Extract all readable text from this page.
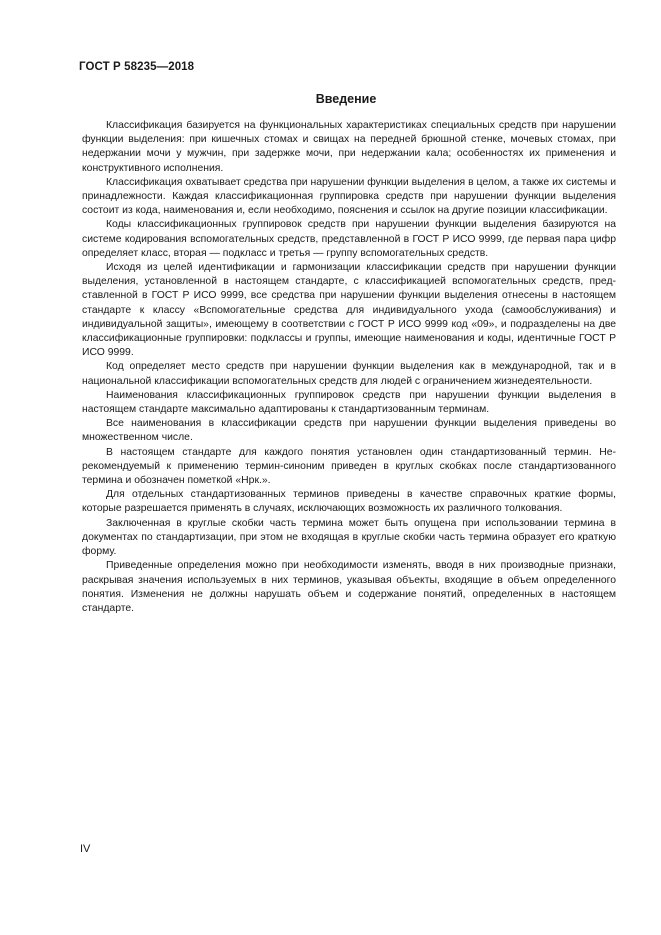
ГОСТ Р 58235—2018
Введение

Классификация базируется на функциональных характеристиках специальных средств при нарушении функции выделения: при кишечных стомах и свищах на передней брюшной стенке, мочевых стомах, при недержании мочи у мужчин, при задержке мочи, при недержании кала; особенностях их применения и конструктивного исполнения.

Классификация охватывает средства при нарушении функции выделения в целом, а также их системы и принадлежности. Каждая классификационная группировка средств при нарушении функции выделения состоит из кода, наименования и, если необходимо, пояснения и ссылок на другие позиции классификации.

Коды классификационных группировок средств при нарушении функции выделения базируются на системе кодирования вспомогательных средств, представленной в ГОСТ Р ИСО 9999, где первая пара цифр определяет класс, вторая — подкласс и третья — группу вспомогательных средств.

Исходя из целей идентификации и гармонизации классификации средств при нарушении функции выделения, установленной в настоящем стандарте, с классификацией вспомогательных средств, представленной в ГОСТ Р ИСО 9999, все средства при нарушении функции выделения отнесены в настоящем стандарте к классу «Вспомогательные средства для индивидуального ухода (самообслуживания) и индивидуальной защиты», имеющему в соответствии с ГОСТ Р ИСО 9999 код «09», и подразделены на две классификационные группировки: подклассы и группы, имеющие наименования и коды, идентичные ГОСТ Р ИСО 9999.

Код определяет место средств при нарушении функции выделения как в международной, так и в национальной классификации вспомогательных средств для людей с ограничением жизнедеятельности.

Наименования классификационных группировок средств при нарушении функции выделения в настоящем стандарте максимально адаптированы к стандартизованным терминам.

Все наименования в классификации средств при нарушении функции выделения приведены во множественном числе.

В настоящем стандарте для каждого понятия установлен один стандартизованный термин. Нерекомендуемый к применению термин-синоним приведен в круглых скобках после стандартизованного термина и обозначен пометкой «Нрк.».

Для отдельных стандартизованных терминов приведены в качестве справочных краткие формы, которые разрешается применять в случаях, исключающих возможность их различного толкования.

Заключенная в круглые скобки часть термина может быть опущена при использовании термина в документах по стандартизации, при этом не входящая в круглые скобки часть термина образует его краткую форму.

Приведенные определения можно при необходимости изменять, вводя в них производные признаки, раскрывая значения используемых в них терминов, указывая объекты, входящие в объем определенного понятия. Изменения не должны нарушать объем и содержание понятий, определенных в настоящем стандарте.

IV
